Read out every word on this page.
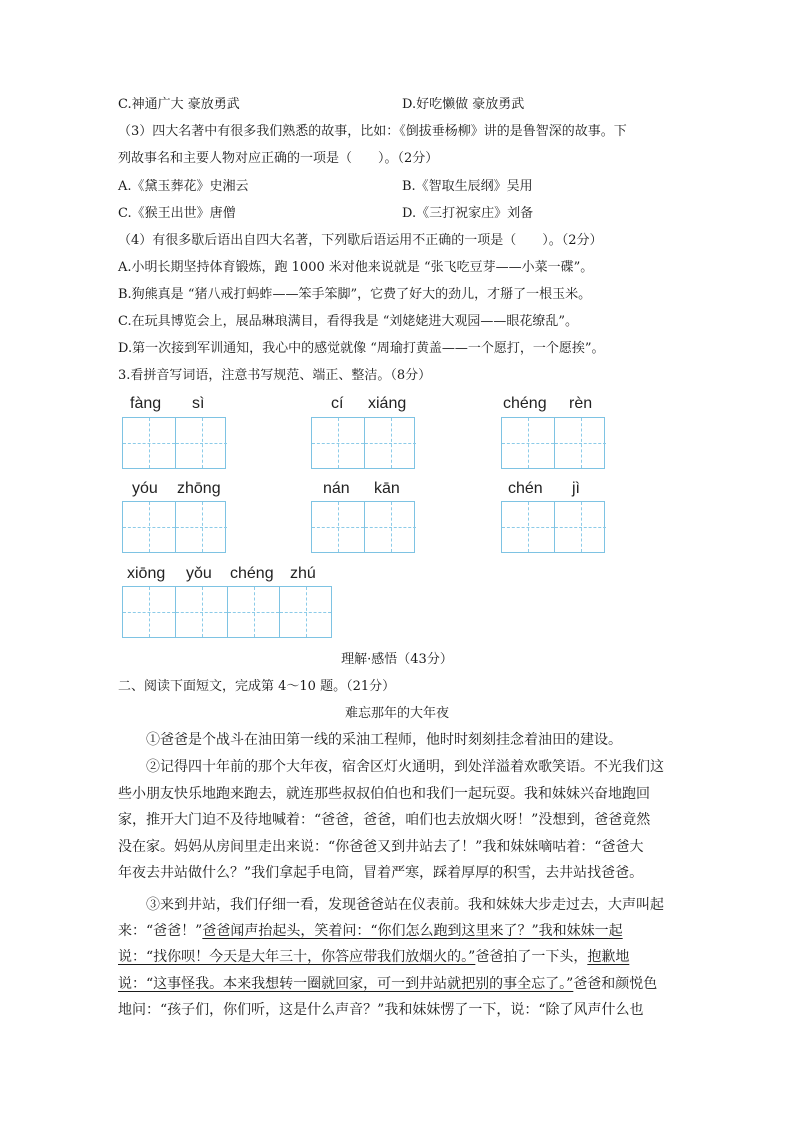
C.神通广大 豪放勇武	D.好吃懒做 豪放勇武
（3）四大名著中有很多我们熟悉的故事，比如：《倒拔垂杨柳》讲的是鲁智深的故事。下
列故事名和主要人物对应正确的一项是（　　）。（2分）
A.《黛玉葬花》史湘云	B.《智取生辰纲》吴用
C.《猴王出世》唐僧	D.《三打祝家庄》刘备
（4）有很多歇后语出自四大名著，下列歇后语运用不正确的一项是（　　）。（2分）
A.小明长期坚持体育锻炼，跑 1000 米对他来说就是 “张飞吃豆芽——小菜一碟”。
B.狗熊真是 “猪八戒打蚂蚱——笨手笨脚”，它费了好大的劲儿，才掰了一根玉米。
C.在玩具博览会上，展品琳琅满目，看得我是 “刘姥姥进大观园——眼花缭乱”。
D.第一次接到军训通知，我心中的感觉就像 “周瑜打黄盖——一个愿打，一个愿挨”。
3.看拼音写词语，注意书写规范、端正、整洁。（8分）
fàng sì	cí xiáng	chéng rèn
yóu zhōng	nán kān	chén jì
xiōng yǒu chéng zhú
理解·感悟（43分）
二、阅读下面短文，完成第 4～10 题。（21分）
难忘那年的大年夜
①爸爸是个战斗在油田第一线的采油工程师，他时时刻刻挂念着油田的建设。
②记得四十年前的那个大年夜，宿舍区灯火通明，到处洋溢着欢歌笑语。不光我们这
些小朋友快乐地跑来跑去，就连那些叔叔伯伯也和我们一起玩耍。我和妹妹兴奋地跑回
家，推开大门迫不及待地喊着：“爸爸，爸爸，咱们也去放烟火呀！”没想到，爸爸竟然
没在家。妈妈从房间里走出来说：“你爸爸又到井站去了！”我和妹妹嘀咕着：“爸爸大
年夜去井站做什么？”我们拿起手电筒，冒着严寒，踩着厚厚的积雪，去井站找爸爸。
③来到井站，我们仔细一看，发现爸爸站在仪表前。我和妹妹大步走过去，大声叫起
来：“爸爸！”爸爸闻声抬起头，笑着问：“你们怎么跑到这里来了？”我和妹妹一起
说：“找你呗！今天是大年三十，你答应带我们放烟火的。”爸爸拍了一下头，抱歉地
说：“这事怪我。本来我想转一圈就回家，可一到井站就把别的事全忘了。”爸爸和颜悦色
地问：“孩子们，你们听，这是什么声音？”我和妹妹愣了一下，说：“除了风声什么也
